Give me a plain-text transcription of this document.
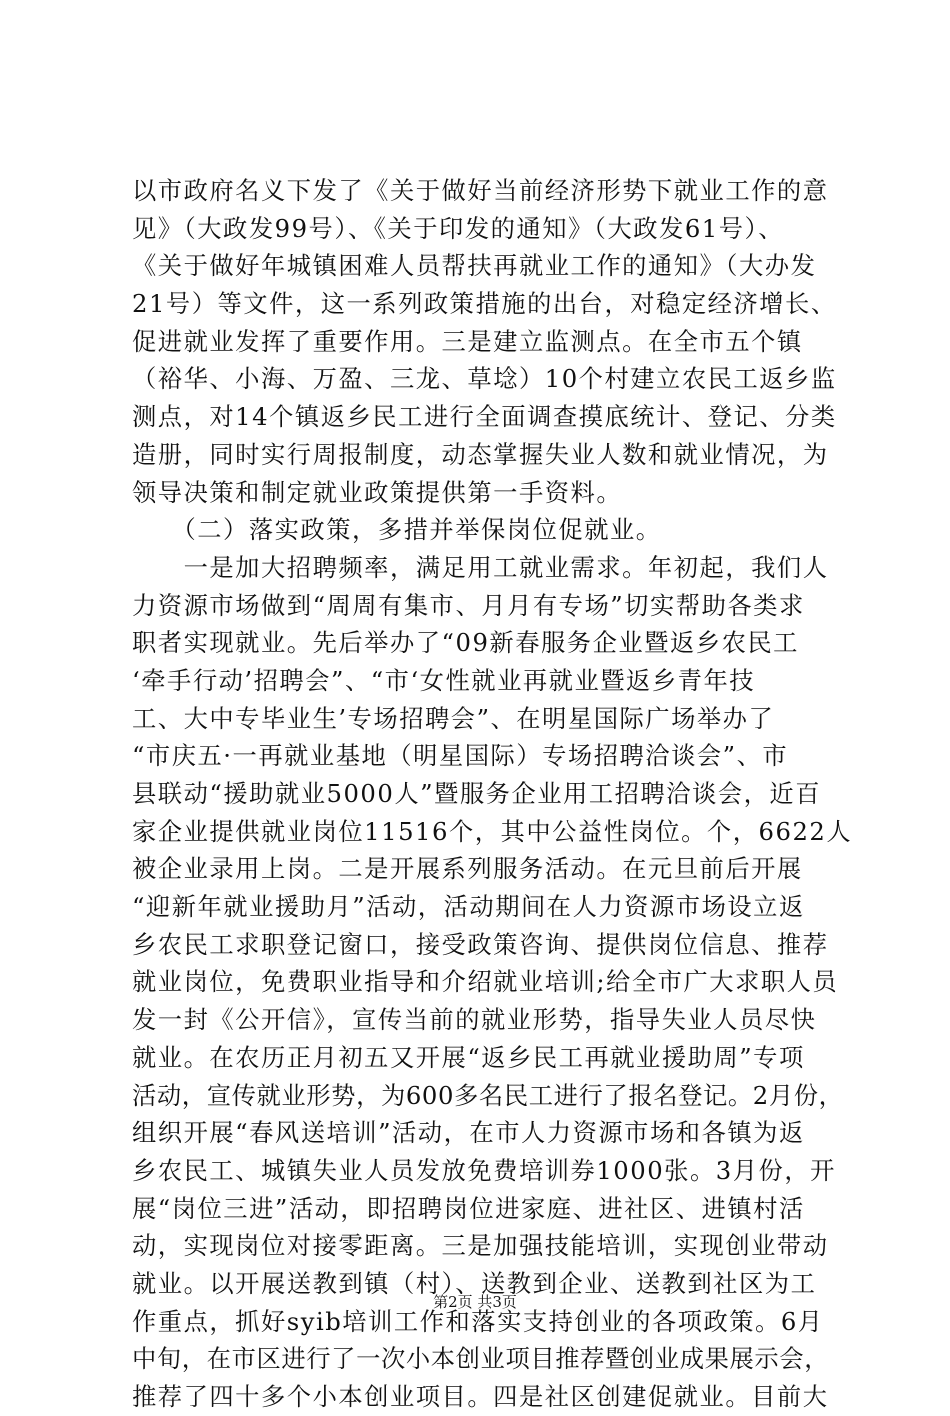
以市政府名义下发了《关于做好当前经济形势下就业工作的意
见》（大政发99号）、《关于印发的通知》（大政发61号）、
《关于做好年城镇困难人员帮扶再就业工作的通知》（大办发
21号）等文件，这一系列政策措施的出台，对稳定经济增长、
促进就业发挥了重要作用。三是建立监测点。在全市五个镇
（裕华、小海、万盈、三龙、草埝）10个村建立农民工返乡监
测点，对14个镇返乡民工进行全面调查摸底统计、登记、分类
造册，同时实行周报制度，动态掌握失业人数和就业情况，为
领导决策和制定就业政策提供第一手资料。
　　（二）落实政策，多措并举保岗位促就业。
　　一是加大招聘频率，满足用工就业需求。年初起，我们人
力资源市场做到“周周有集市、月月有专场”切实帮助各类求
职者实现就业。先后举办了“09新春服务企业暨返乡农民工
‘牵手行动’招聘会”、“市‘女性就业再就业暨返乡青年技
工、大中专毕业生’专场招聘会”、在明星国际广场举办了
“市庆五·一再就业基地（明星国际）专场招聘洽谈会”、市
县联动“援助就业5000人”暨服务企业用工招聘洽谈会，近百
家企业提供就业岗位11516个，其中公益性岗位。个，6622人
被企业录用上岗。二是开展系列服务活动。在元旦前后开展
“迎新年就业援助月”活动，活动期间在人力资源市场设立返
乡农民工求职登记窗口，接受政策咨询、提供岗位信息、推荐
就业岗位，免费职业指导和介绍就业培训;给全市广大求职人员
发一封《公开信》，宣传当前的就业形势，指导失业人员尽快
就业。在农历正月初五又开展“返乡民工再就业援助周”专项
活动，宣传就业形势，为600多名民工进行了报名登记。2月份，
组织开展“春风送培训”活动，在市人力资源市场和各镇为返
乡农民工、城镇失业人员发放免费培训券1000张。3月份，开
展“岗位三进”活动，即招聘岗位进家庭、进社区、进镇村活
动，实现岗位对接零距离。三是加强技能培训，实现创业带动
就业。以开展送教到镇（村）、送教到企业、送教到社区为工
作重点，抓好syib培训工作和落实支持创业的各项政策。6月
中旬，在市区进行了一次小本创业项目推荐暨创业成果展示会，
推荐了四十多个小本创业项目。四是社区创建促就业。目前大
第2页 共3页
